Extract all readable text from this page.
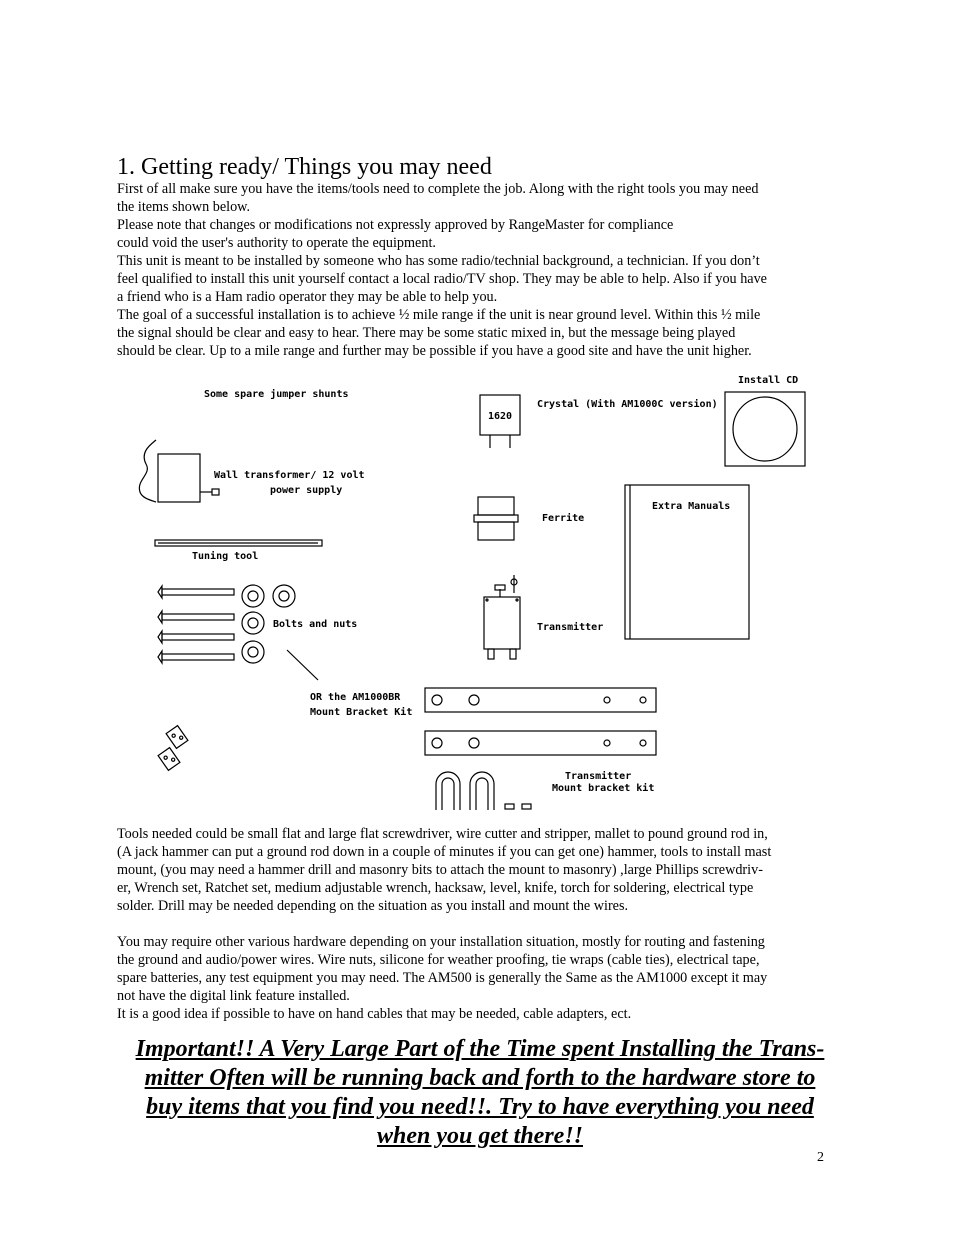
1. Getting ready/ Things you may need
First of all make sure you have the items/tools need to complete the job. Along with the right tools you may need
the items shown below.
Please note that changes or modifications not expressly approved by RangeMaster for compliance
could void the user's authority to operate the equipment.
This unit is meant to be installed by someone who has some radio/technial background, a technician. If you don’t
feel qualified to install this unit yourself contact a local radio/TV shop. They may be able to help. Also if you have
a friend who is a Ham radio operator they may be able to help you.
The goal of a successful installation is to achieve ½ mile range if the unit is near ground level. Within this ½ mile
the signal should be clear and easy to hear. There may be some static mixed in, but the message being played
should be clear. Up to a mile range and further may be possible if you have a good site and have the unit higher.
Some spare jumper shunts
Wall transformer/ 12 volt
power supply
Tuning tool
Bolts and nuts
OR the AM1000BR
Mount Bracket Kit
1620
Crystal (With AM1000C version)
Install CD
Ferrite
Extra Manuals
Transmitter
Transmitter
Mount bracket kit
Tools needed could be small flat and large flat screwdriver, wire cutter and stripper, mallet to pound ground rod in,
(A jack hammer can put a ground rod down in a couple of minutes if you can get one) hammer, tools to install mast
mount, (you may need a hammer drill and masonry bits to attach the mount to masonry) ,large Phillips screwdriv-
er, Wrench set, Ratchet set, medium adjustable wrench, hacksaw, level, knife, torch for soldering, electrical type
solder. Drill may be needed depending on the situation as you install and mount the wires.
You may require other various hardware depending on your installation situation, mostly for routing and fastening
the ground and audio/power wires. Wire nuts, silicone for weather proofing, tie wraps (cable ties), electrical tape,
spare batteries, any test equipment you may need. The AM500 is generally the Same as the AM1000 except it may
not have the digital link feature installed.
It is a good idea if possible to have on hand cables that may be needed, cable adapters, ect.
Important!! A Very Large Part of the Time spent Installing the Trans-
mitter Often will be running back and forth to the hardware store to
buy items that you find you need!!. Try to have everything you need
when you get there!!
2
